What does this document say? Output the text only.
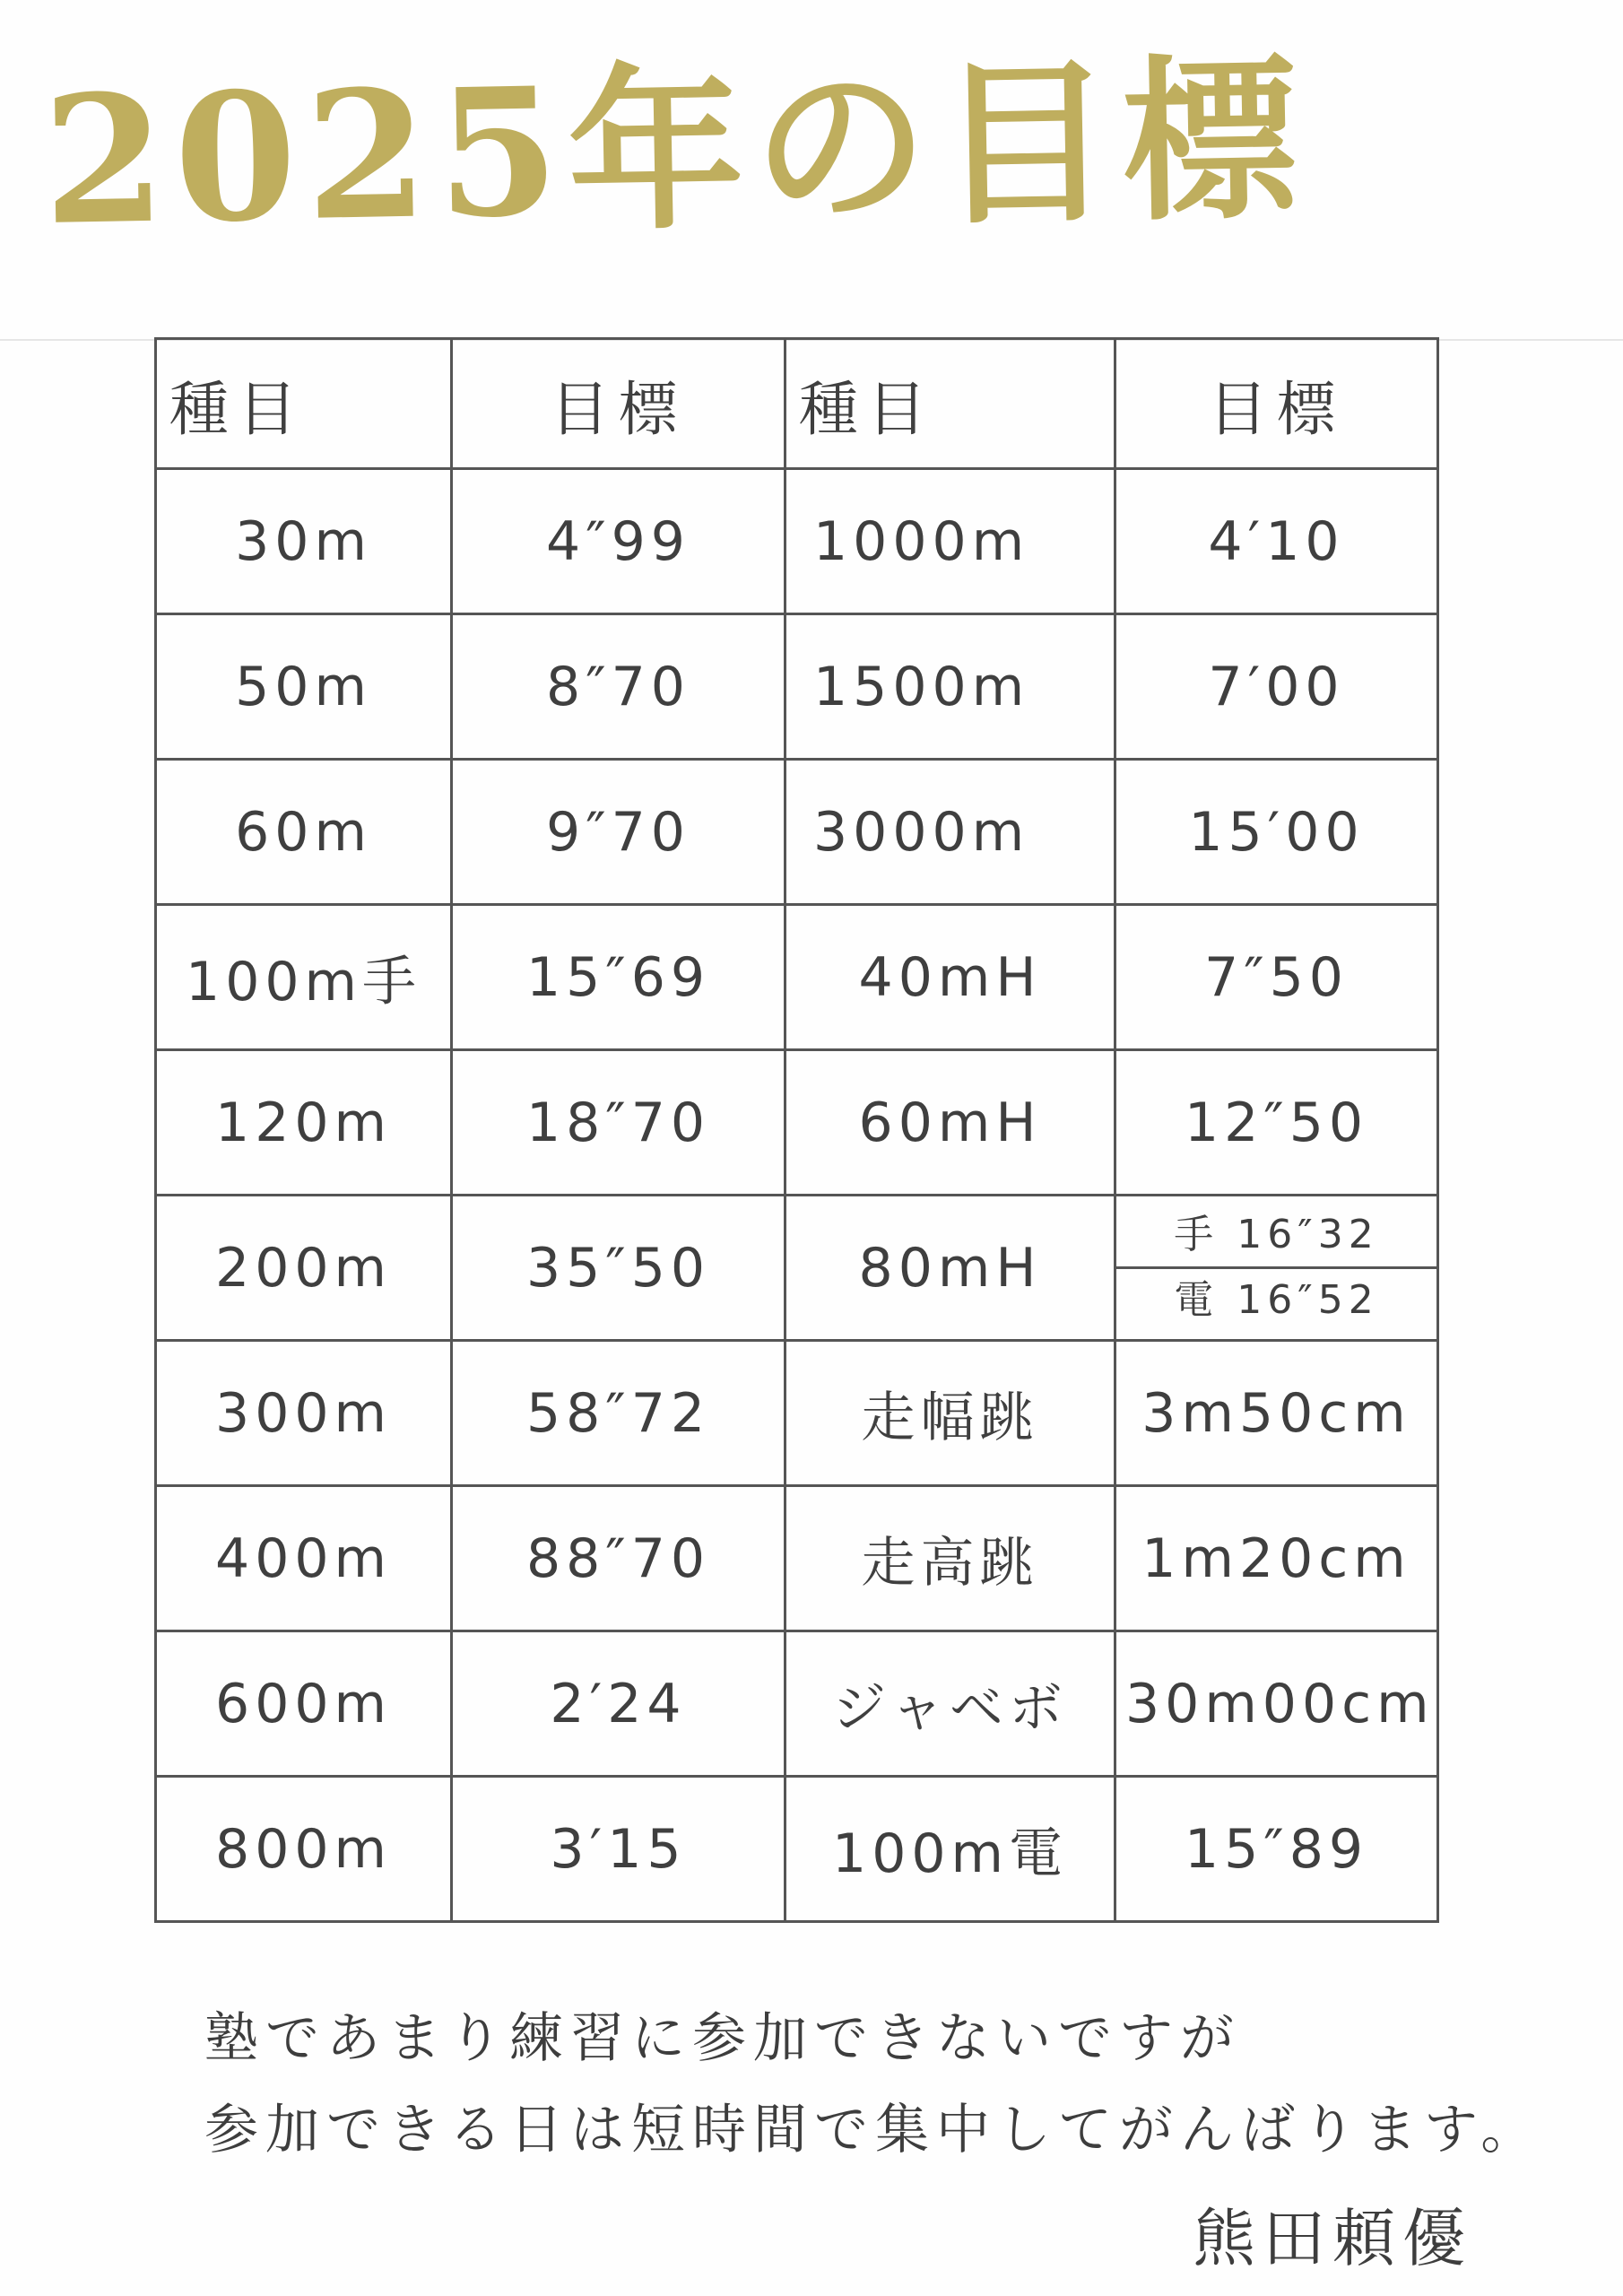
2025年の目標
種目	目標	種目	目標
30m	4″99	1000m	4′10
50m	8″70	1500m	7′00
60m	9″70	3000m	15′00
100m手	15″69	40mH	7″50
120m	18″70	60mH	12″50
200m	35″50	80mH	手 16″32
電 16″52

300m	58″72	走幅跳	3m50cm
400m	88″70	走高跳	1m20cm
600m	2′24	ジャベボ	30m00cm
800m	3′15	100m電	15″89
塾であまり練習に参加できないですが
参加できる日は短時間で集中してがんばります。
熊田頼優
